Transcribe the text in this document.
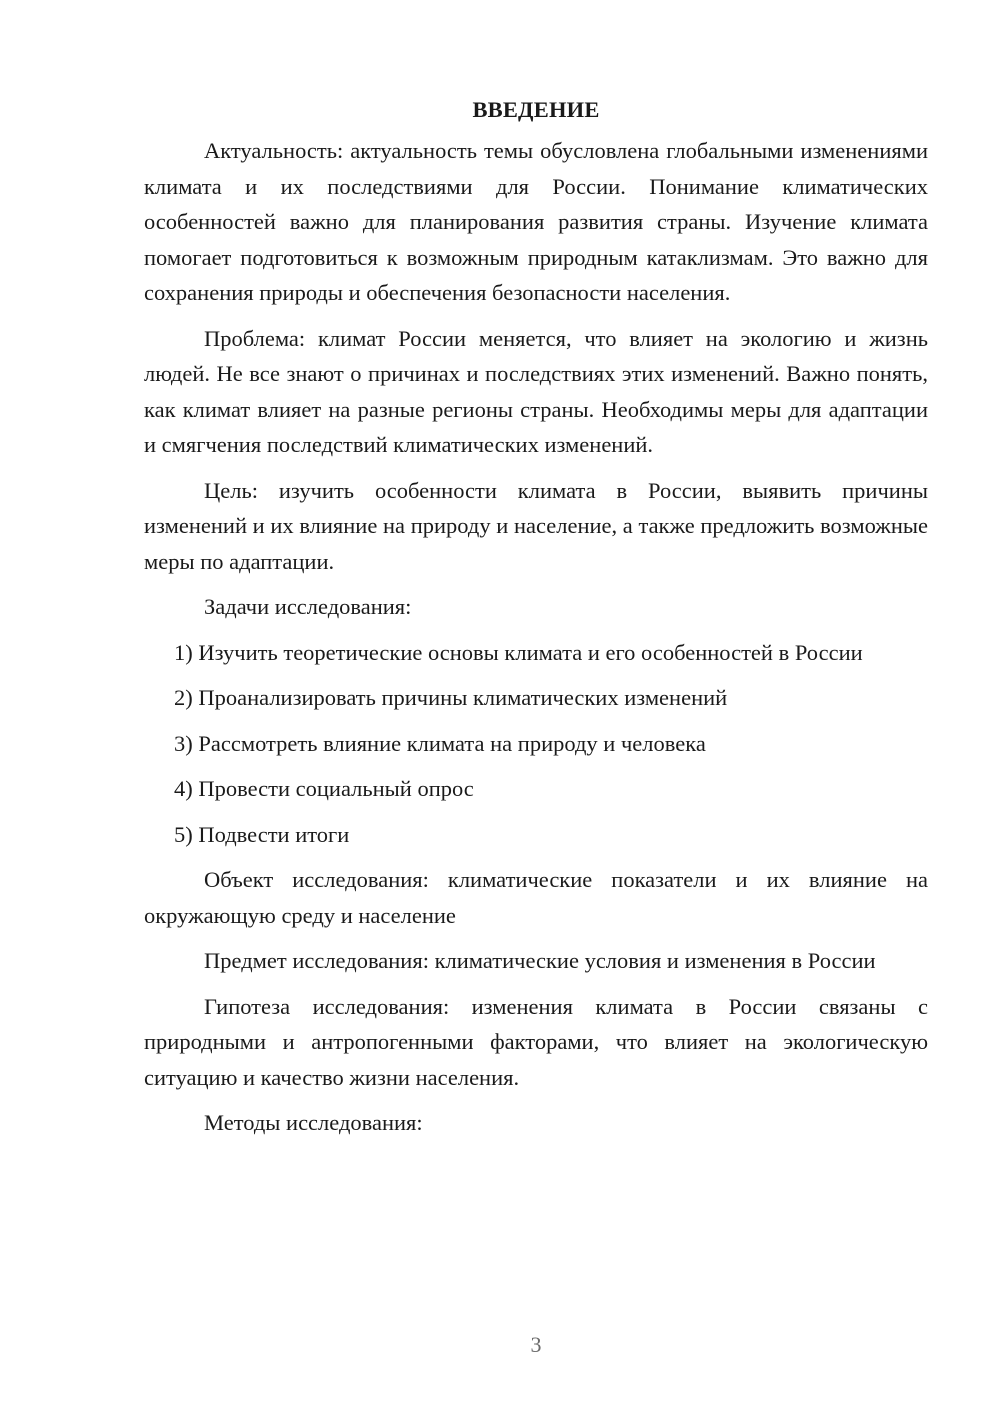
ВВЕДЕНИЕ
Актуальность: актуальность темы обусловлена глобальными изменениями климата и их последствиями для России. Понимание климатических особенностей важно для планирования развития страны. Изучение климата помогает подготовиться к возможным природным катаклизмам. Это важно для сохранения природы и обеспечения безопасности населения.
Проблема: климат России меняется, что влияет на экологию и жизнь людей. Не все знают о причинах и последствиях этих изменений. Важно понять, как климат влияет на разные регионы страны. Необходимы меры для адаптации и смягчения последствий климатических изменений.
Цель: изучить особенности климата в России, выявить причины изменений и их влияние на природу и население, а также предложить возможные меры по адаптации.
Задачи исследования:
1) Изучить теоретические основы климата и его особенностей в России
2) Проанализировать причины климатических изменений
3) Рассмотреть влияние климата на природу и человека
4) Провести социальный опрос
5) Подвести итоги
Объект исследования: климатические показатели и их влияние на окружающую среду и население
Предмет исследования: климатические условия и изменения в России
Гипотеза исследования: изменения климата в России связаны с природными и антропогенными факторами, что влияет на экологическую ситуацию и качество жизни населения.
Методы исследования:
3
